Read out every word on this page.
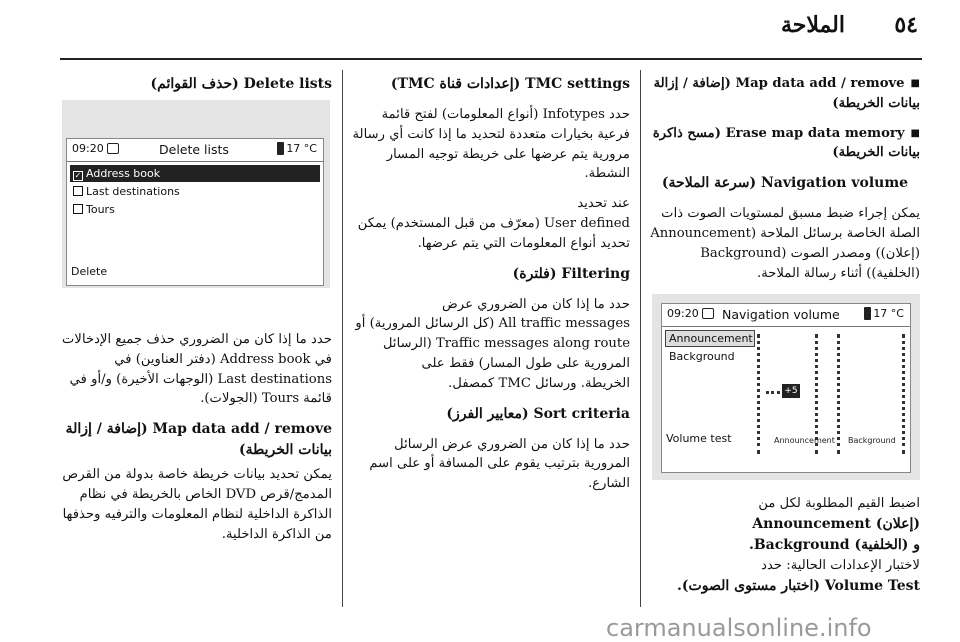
٥٤
الملاحة

■ Map data add / remove (إضافة / إزالة بيانات الخريطة)

■ Erase map data memory (مسح ذاكرة بيانات الخريطة)

Navigation volume (سرعة الملاحة)

يمكن إجراء ضبط مسبق لمستويات الصوت ذات الصلة الخاصة برسائل الملاحة (Announcement (إعلان)) ومصدر الصوت (Background (الخلفية)) أثناء رسالة الملاحة.

09:20 Navigation volume	17 °C
Announcement
Background
+5
Volume test	Announcement Background

اضبط القيم المطلوبة لكل من

(إعلان) Announcement

و (الخلفية) Background.

لاختبار الإعدادات الحالية: حدد

Volume Test (اختبار مستوى الصوت).

TMC settings (إعدادات قناة TMC)

حدد Infotypes (أنواع المعلومات) لفتح قائمة فرعية بخيارات متعددة لتحديد ما إذا كانت أي رسالة مرورية يتم عرضها على خريطة توجيه المسار النشطة.

عند تحديد

User defined (معرّف من قبل المستخدم) يمكن تحديد أنواع المعلومات التي يتم عرضها.

Filtering (فلترة)

حدد ما إذا كان من الضروري عرض

All traffic messages (كل الرسائل المرورية) أو

Traffic messages along route (الرسائل المرورية على طول المسار) فقط على

الخريطة. ورسائل TMC كمصفل.

Sort criteria (معايير الفرز)

حدد ما إذا كان من الضروري عرض الرسائل المرورية بترتيب يقوم على المسافة أو على اسم الشارع.

Delete lists (حذف القوائم)

09:20	Delete lists	17 °C
✓ Address book
Last destinations
Tours
Delete

حدد ما إذا كان من الضروري حذف جميع الإدخالات في Address book (دفتر العناوين) في

Last destinations (الوجهات الأخيرة) و/أو في

قائمة Tours (الجولات).

Map data add / remove (إضافة / إزالة بيانات الخريطة)

يمكن تحديد بيانات خريطة خاصة بدولة من القرص المدمج/قرص DVD الخاص بالخريطة في نظام الذاكرة الداخلية لنظام المعلومات والترفيه وحذفها من الذاكرة الداخلية.

carmanualsonline.info
